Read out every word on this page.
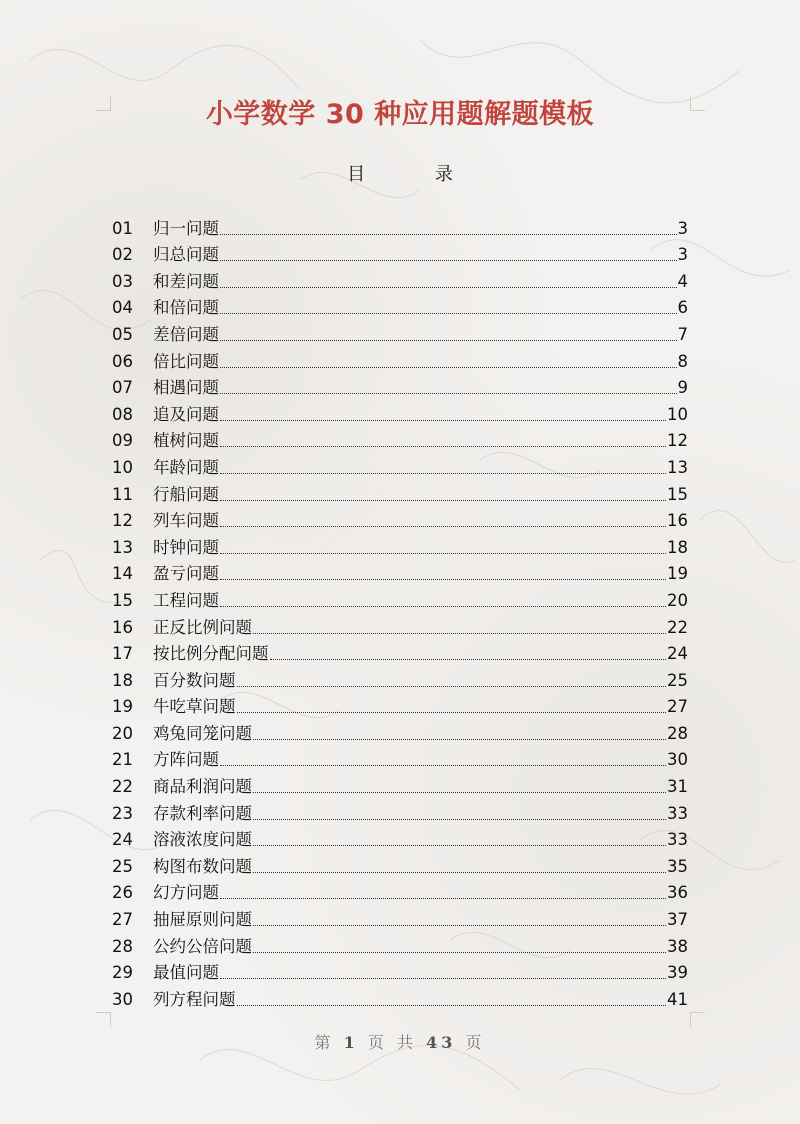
小学数学 30 种应用题解题模板
目 录
01	归一问题	3
02	归总问题	3
03	和差问题	4
04	和倍问题	6
05	差倍问题	7
06	倍比问题	8
07	相遇问题	9
08	追及问题	10
09	植树问题	12
10	年龄问题	13
11	行船问题	15
12	列车问题	16
13	时钟问题	18
14	盈亏问题	19
15	工程问题	20
16	正反比例问题	22
17	按比例分配问题	24
18	百分数问题	25
19	牛吃草问题	27
20	鸡兔同笼问题	28
21	方阵问题	30
22	商品利润问题	31
23	存款利率问题	33
24	溶液浓度问题	33
25	构图布数问题	35
26	幻方问题	36
27	抽屉原则问题	37
28	公约公倍问题	38
29	最值问题	39
30	列方程问题	41
第 1 页 共 43 页
